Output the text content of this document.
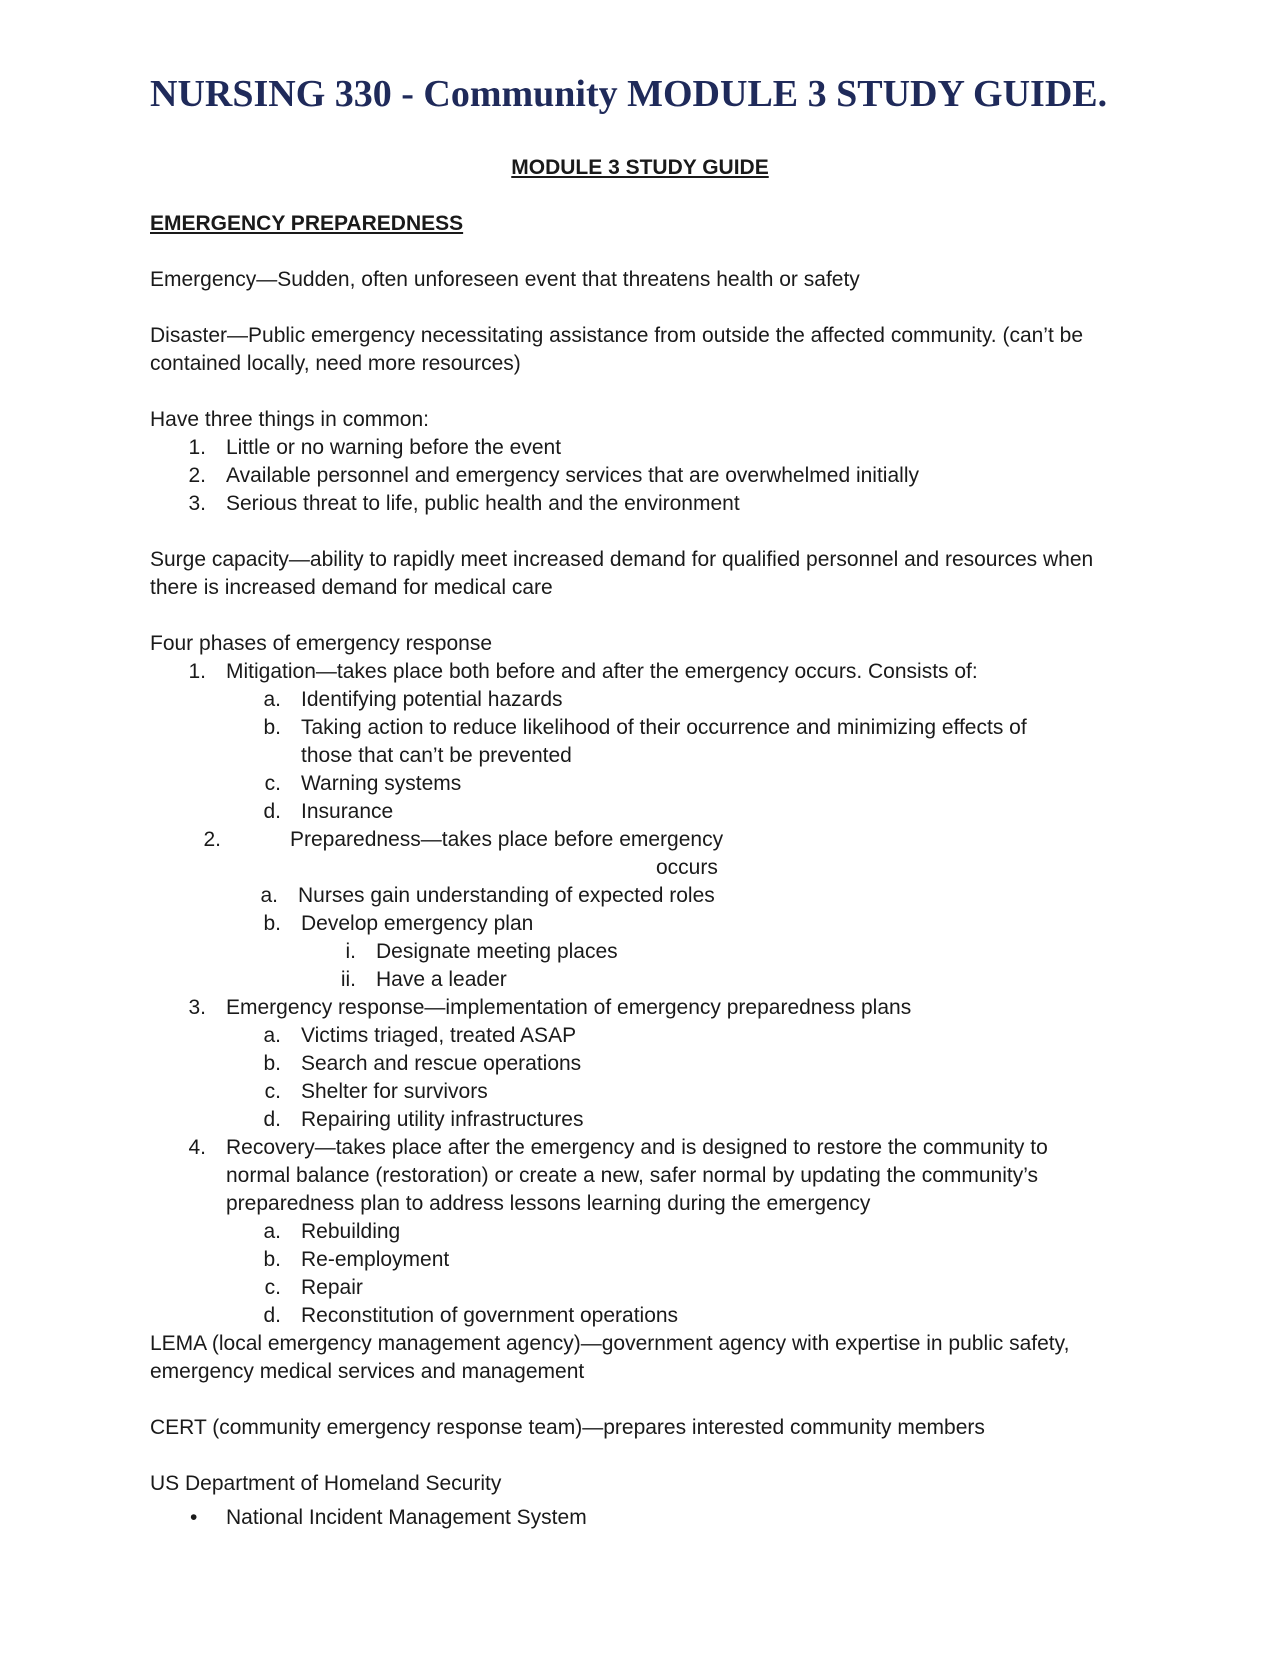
NURSING 330 - Community MODULE 3 STUDY GUIDE.

MODULE 3 STUDY GUIDE

EMERGENCY PREPAREDNESS

Emergency—Sudden, often unforeseen event that threatens health or safety

Disaster—Public emergency necessitating assistance from outside the affected community. (can’t be

contained locally, need more resources)

Have three things in common:

1. Little or no warning before the event

2. Available personnel and emergency services that are overwhelmed initially

3. Serious threat to life, public health and the environment

Surge capacity—ability to rapidly meet increased demand for qualified personnel and resources when

there is increased demand for medical care

Four phases of emergency response

1. Mitigation—takes place both before and after the emergency occurs. Consists of:

a. Identifying potential hazards

b. Taking action to reduce likelihood of their occurrence and minimizing effects of

those that can’t be prevented

c. Warning systems

d. Insurance

2.	Preparedness—takes place before emergency

occurs

a. Nurses gain understanding of expected roles

b. Develop emergency plan

i. Designate meeting places

ii. Have a leader

3. Emergency response—implementation of emergency preparedness plans

a. Victims triaged, treated ASAP

b. Search and rescue operations

c. Shelter for survivors

d. Repairing utility infrastructures

4. Recovery—takes place after the emergency and is designed to restore the community to

normal balance (restoration) or create a new, safer normal by updating the community’s

preparedness plan to address lessons learning during the emergency

a. Rebuilding

b. Re-employment

c. Repair

d. Reconstitution of government operations

LEMA (local emergency management agency)—government agency with expertise in public safety,

emergency medical services and management

CERT (community emergency response team)—prepares interested community members

US Department of Homeland Security

• National Incident Management System
